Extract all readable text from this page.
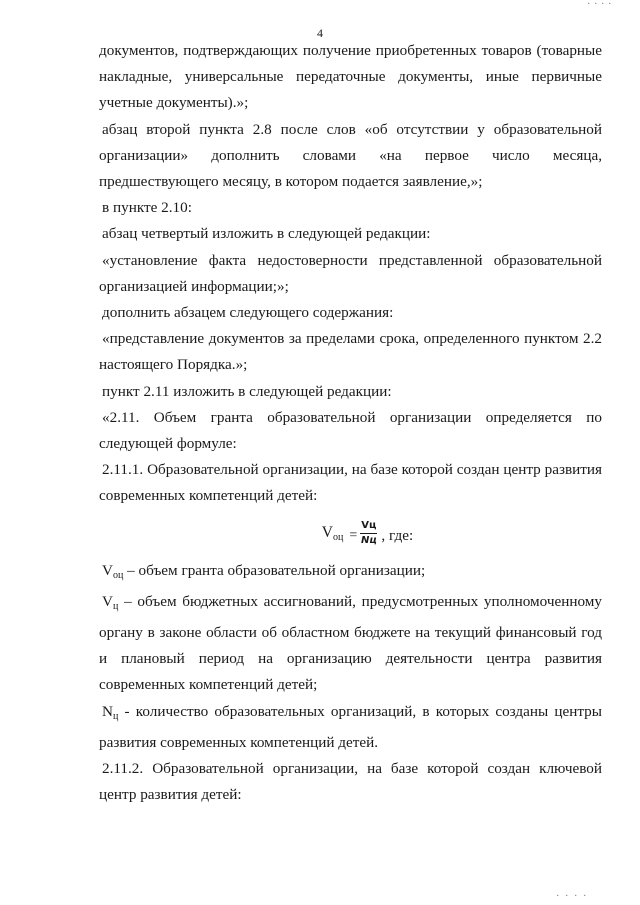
. . . .
4

документов, подтверждающих получение приобретенных товаров (товарные накладные, универсальные передаточные документы, иные первичные учетные документы).»;

абзац второй пункта 2.8 после слов «об отсутствии у образовательной организации» дополнить словами «на первое число месяца, предшествующего месяцу, в котором подается заявление,»;

в пункте 2.10:

абзац четвертый изложить в следующей редакции:

«установление факта недостоверности представленной образовательной организацией информации;»;

дополнить абзацем следующего содержания:

«представление документов за пределами срока, определенного пунктом 2.2 настоящего Порядка.»;

пункт 2.11 изложить в следующей редакции:

«2.11. Объем гранта образовательной организации определяется по следующей формуле:

2.11.1. Образовательной организации, на базе которой создан центр развития современных компетенций детей:

$V_{оц} = \frac{Vц}{Nц}$ , где:

$V_{оц}$ – объем гранта образовательной организации;

$V_ц$ – объем бюджетных ассигнований, предусмотренных уполномоченному органу в законе области об областном бюджете на текущий финансовый год и плановый период на организацию деятельности центра развития современных компетенций детей;

$N_ц$ - количество образовательных организаций, в которых созданы центры развития современных компетенций детей.

2.11.2. Образовательной организации, на базе которой создан ключевой центр развития детей:

. . . .
